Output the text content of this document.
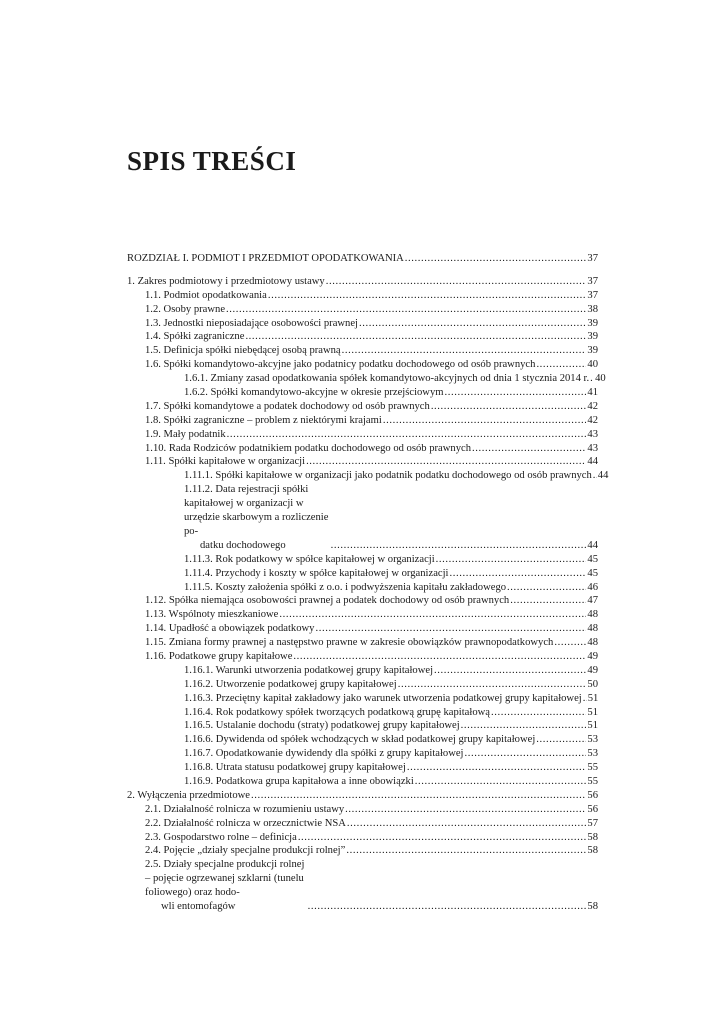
SPIS TREŚCI
ROZDZIAŁ I. PODMIOT I PRZEDMIOT OPODATKOWANIA .....	37
1. Zakres podmiotowy i przedmiotowy ustawy .....	37
1.1. Podmiot opodatkowania .....	37
1.2. Osoby prawne .....	38
1.3. Jednostki nieposiadające osobowości prawnej .....	39
1.4. Spółki zagraniczne .....	39
1.5. Definicja spółki niebędącej osobą prawną .....	39
1.6. Spółki komandytowo-akcyjne jako podatnicy podatku dochodowego od osób prawnych .....	40
1.6.1. Zmiany zasad opodatkowania spółek komandytowo-akcyjnych od dnia 1 stycznia 2014 r. ..... 40
1.6.2. Spółki komandytowo-akcyjne w okresie przejściowym .....	41
1.7. Spółki komandytowe a podatek dochodowy od osób prawnych .....	42
1.8. Spółki zagraniczne – problem z niektórymi krajami .....	42
1.9. Mały podatnik .....	43
1.10. Rada Rodziców podatnikiem podatku dochodowego od osób prawnych .....	43
1.11. Spółki kapitałowe w organizacji .....	44
1.11.1. Spółki kapitałowe w organizacji jako podatnik podatku dochodowego od osób prawnych ..... 44
1.11.2. Data rejestracji spółki kapitałowej w organizacji w urzędzie skarbowym a rozliczenie po-
datku dochodowego .....	44
1.11.3. Rok podatkowy w spółce kapitałowej w organizacji .....	45
1.11.4. Przychody i koszty w spółce kapitałowej w organizacji .....	45
1.11.5. Koszty założenia spółki z o.o. i podwyższenia kapitału zakładowego .....	46
1.12. Spółka niemająca osobowości prawnej a podatek dochodowy od osób prawnych .....	47
1.13. Wspólnoty mieszkaniowe .....	48
1.14. Upadłość a obowiązek podatkowy .....	48
1.15. Zmiana formy prawnej a następstwo prawne w zakresie obowiązków prawnopodatkowych .....	48
1.16. Podatkowe grupy kapitałowe .....	49
1.16.1. Warunki utworzenia podatkowej grupy kapitałowej .....	49
1.16.2. Utworzenie podatkowej grupy kapitałowej .....	50
1.16.3. Przeciętny kapitał zakładowy jako warunek utworzenia podatkowej grupy kapitałowej ..... 51
1.16.4. Rok podatkowy spółek tworzących podatkową grupę kapitałową .....	51
1.16.5. Ustalanie dochodu (straty) podatkowej grupy kapitałowej .....	51
1.16.6. Dywidenda od spółek wchodzących w skład podatkowej grupy kapitałowej .....	53
1.16.7. Opodatkowanie dywidendy dla spółki z grupy kapitałowej .....	53
1.16.8. Utrata statusu podatkowej grupy kapitałowej .....	55
1.16.9. Podatkowa grupa kapitałowa a inne obowiązki .....	55
2. Wyłączenia przedmiotowe .....	56
2.1. Działalność rolnicza w rozumieniu ustawy .....	56
2.2. Działalność rolnicza w orzecznictwie NSA .....	57
2.3. Gospodarstwo rolne – definicja .....	58
2.4. Pojęcie „działy specjalne produkcji rolnej” .....	58
2.5. Działy specjalne produkcji rolnej – pojęcie ogrzewanej szklarni (tunelu foliowego) oraz hodo-
wli entomofagów .....	58
